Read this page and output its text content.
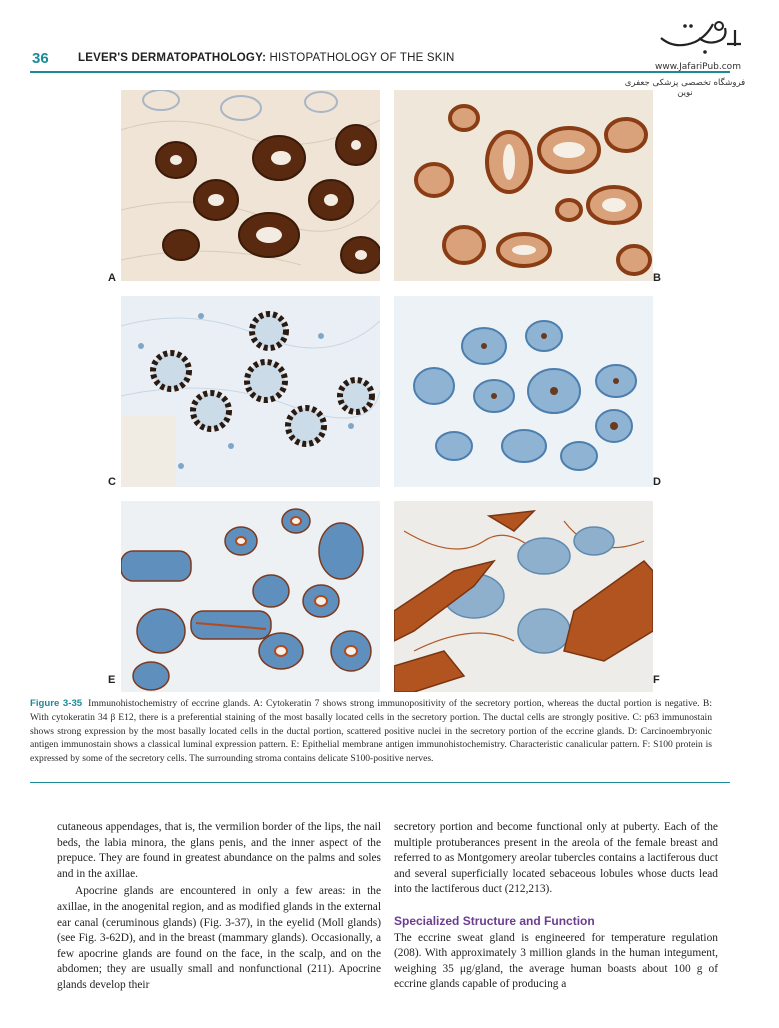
36	LEVER'S DERMATOPATHOLOGY: HISTOPATHOLOGY OF THE SKIN
www.JafariPub.com
فروشگاه تخصصی پزشکی جعفری نوین
A	B
C	D
E	F
Figure 3-35 Immunohistochemistry of eccrine glands. A: Cytokeratin 7 shows strong immunopositivity of the secretory portion, whereas the ductal portion is negative. B: With cytokeratin 34 β E12, there is a preferential staining of the most basally located cells in the secretory portion. The ductal cells are strongly positive. C: p63 immunostain shows strong expression by the most basally located cells in the ductal portion, scattered positive nuclei in the secretory portion of the eccrine glands. D: Carcinoembryonic antigen immunostain shows a classical luminal expression pattern. E: Epithelial membrane antigen immunohistochemistry. Characteristic canalicular pattern. F: S100 protein is expressed by some of the secretory cells. The surrounding stroma contains delicate S100-positive nerves.

cutaneous appendages, that is, the vermilion border of the lips, the nail beds, the labia minora, the glans penis, and the inner aspect of the prepuce. They are found in greatest abundance on the palms and soles and in the axillae.

Apocrine glands are encountered in only a few areas: in the axillae, in the anogenital region, and as modified glands in the external ear canal (ceruminous glands) (Fig. 3-37), in the eyelid (Moll glands) (see Fig. 3-62D), and in the breast (mammary glands). Occasionally, a few apocrine glands are found on the face, in the scalp, and on the abdomen; they are usually small and nonfunctional (211). Apocrine glands develop their

secretory portion and become functional only at puberty. Each of the multiple protuberances present in the areola of the female breast and referred to as Montgomery areolar tubercles contains a lactiferous duct and several superficially located sebaceous lobules whose ducts lead into the lactiferous duct (212,213).

Specialized Structure and Function

The eccrine sweat gland is engineered for temperature regulation (208). With approximately 3 million glands in the human integument, weighing 35 μg/gland, the average human boasts about 100 g of eccrine glands capable of producing a
